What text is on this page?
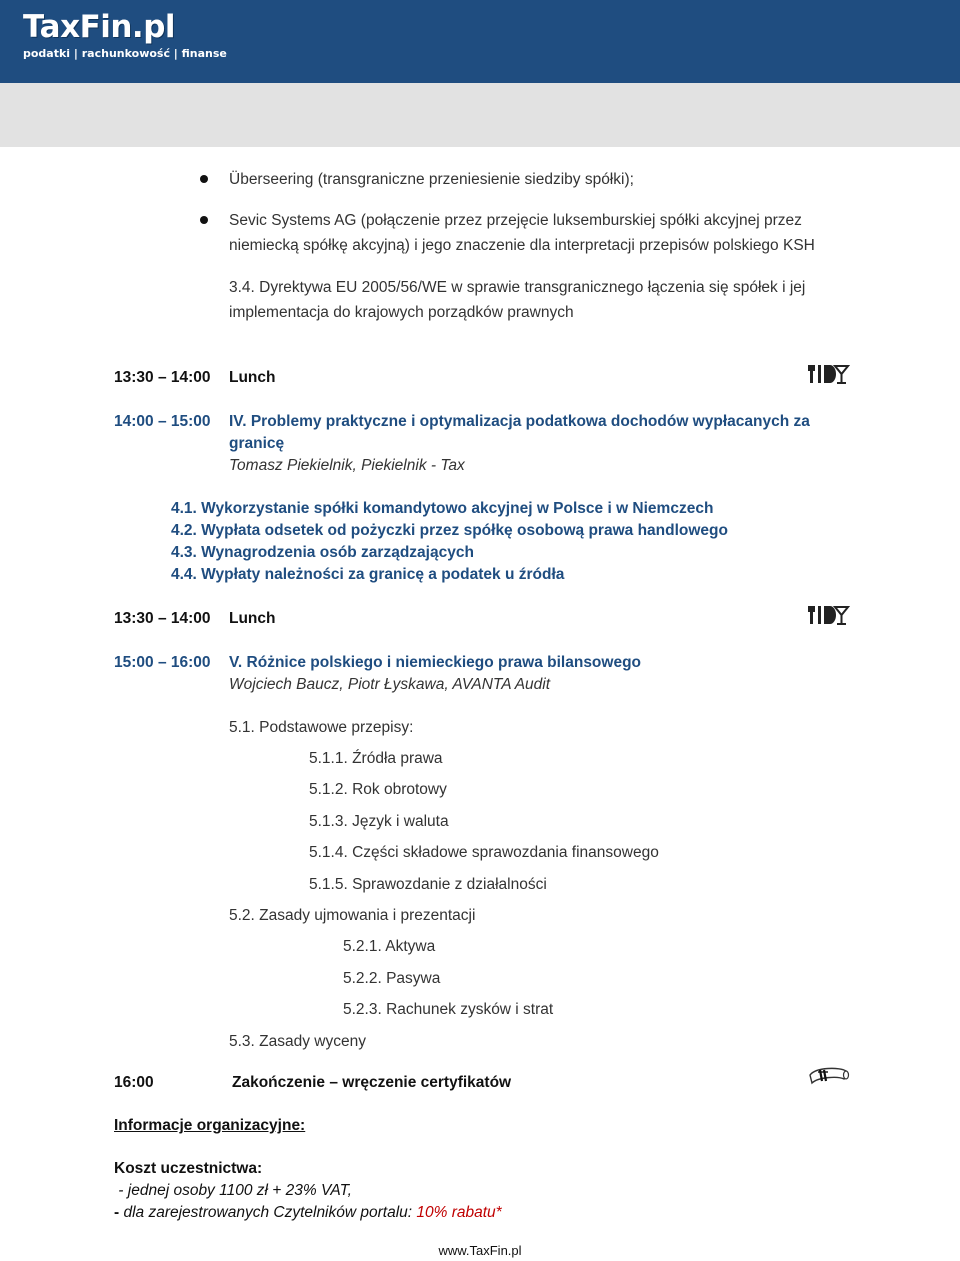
TaxFin.pl
podatki | rachunkowość | finanse
Überseering (transgraniczne przeniesienie siedziby spółki);
Sevic Systems AG (połączenie przez przejęcie luksemburskiej spółki akcyjnej przez
niemiecką spółkę akcyjną) i jego znaczenie dla interpretacji przepisów polskiego KSH
3.4. Dyrektywa EU 2005/56/WE w sprawie transgranicznego łączenia się spółek i jej
implementacja do krajowych porządków prawnych
13:30 – 14:00 Lunch
14:00 – 15:00 IV. Problemy praktyczne i optymalizacja podatkowa dochodów wypłacanych za
granicę
Tomasz Piekielnik, Piekielnik - Tax
4.1. Wykorzystanie spółki komandytowo akcyjnej w Polsce i w Niemczech
4.2. Wypłata odsetek od pożyczki przez spółkę osobową prawa handlowego
4.3. Wynagrodzenia osób zarządzających
4.4. Wypłaty należności za granicę a podatek u źródła
13:30 – 14:00 Lunch
15:00 – 16:00 V. Różnice polskiego i niemieckiego prawa bilansowego
Wojciech Baucz, Piotr Łyskawa, AVANTA Audit
5.1. Podstawowe przepisy:
5.1.1. Źródła prawa
5.1.2. Rok obrotowy
5.1.3. Język i waluta
5.1.4. Części składowe sprawozdania finansowego
5.1.5. Sprawozdanie z działalności
5.2. Zasady ujmowania i prezentacji
5.2.1. Aktywa
5.2.2. Pasywa
5.2.3. Rachunek zysków i strat
5.3. Zasady wyceny
16:00	Zakończenie – wręczenie certyfikatów
Informacje organizacyjne:
Koszt uczestnictwa:
- jednej osoby 1100 zł + 23% VAT,
- dla zarejestrowanych Czytelników portalu: 10% rabatu*
www.TaxFin.pl
